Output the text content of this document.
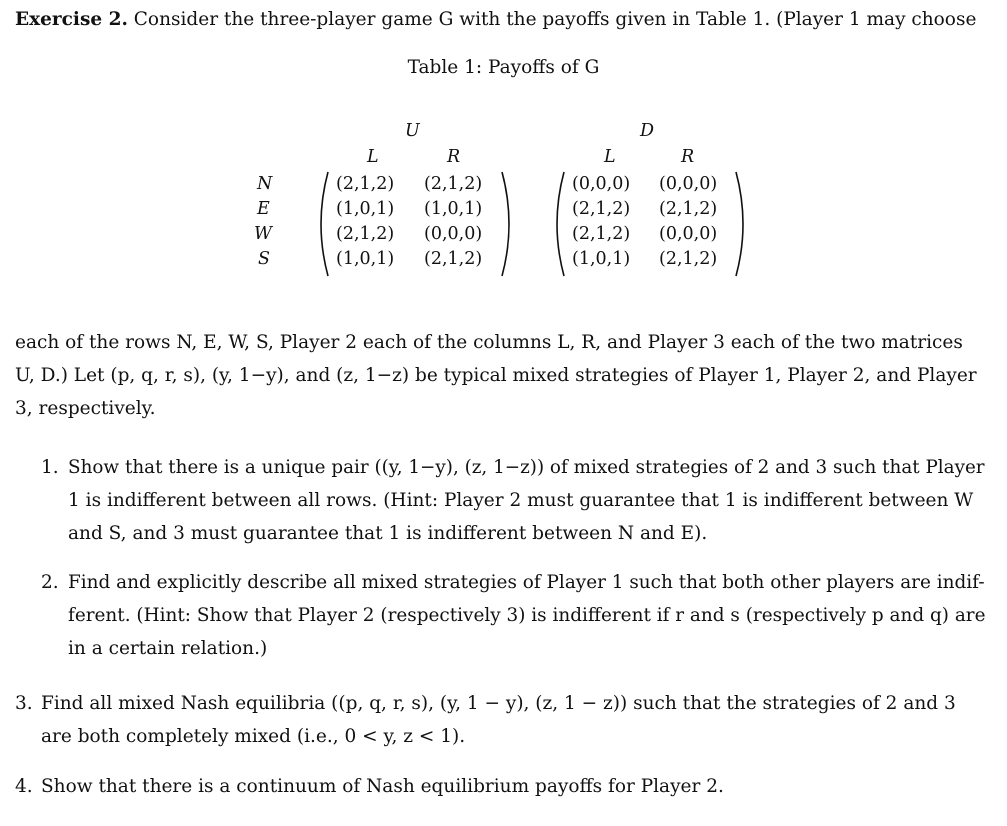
Exercise 2. Consider the three-player game G with the payoffs given in Table 1. (Player 1 may choose
Table 1: Payoffs of G
N
E
W
S
U
L	R
(2,1,2) (2,1,2)
(1,0,1) (1,0,1)
(2,1,2) (0,0,0)
(1,0,1) (2,1,2)
D
L	R
(0,0,0) (0,0,0)
(2,1,2) (2,1,2)
(2,1,2) (0,0,0)
(1,0,1) (2,1,2)
each of the rows N, E, W, S, Player 2 each of the columns L, R, and Player 3 each of the two matrices
U, D.) Let (p, q, r, s), (y, 1−y), and (z, 1−z) be typical mixed strategies of Player 1, Player 2, and Player
3, respectively.
1. Show that there is a unique pair ((y, 1−y), (z, 1−z)) of mixed strategies of 2 and 3 such that Player
1 is indifferent between all rows. (Hint: Player 2 must guarantee that 1 is indifferent between W
and S, and 3 must guarantee that 1 is indifferent between N and E).
2. Find and explicitly describe all mixed strategies of Player 1 such that both other players are indif-
ferent. (Hint: Show that Player 2 (respectively 3) is indifferent if r and s (respectively p and q) are
in a certain relation.)
3. Find all mixed Nash equilibria ((p, q, r, s), (y, 1 − y), (z, 1 − z)) such that the strategies of 2 and 3
are both completely mixed (i.e., 0 < y, z < 1).
4. Show that there is a continuum of Nash equilibrium payoffs for Player 2.
